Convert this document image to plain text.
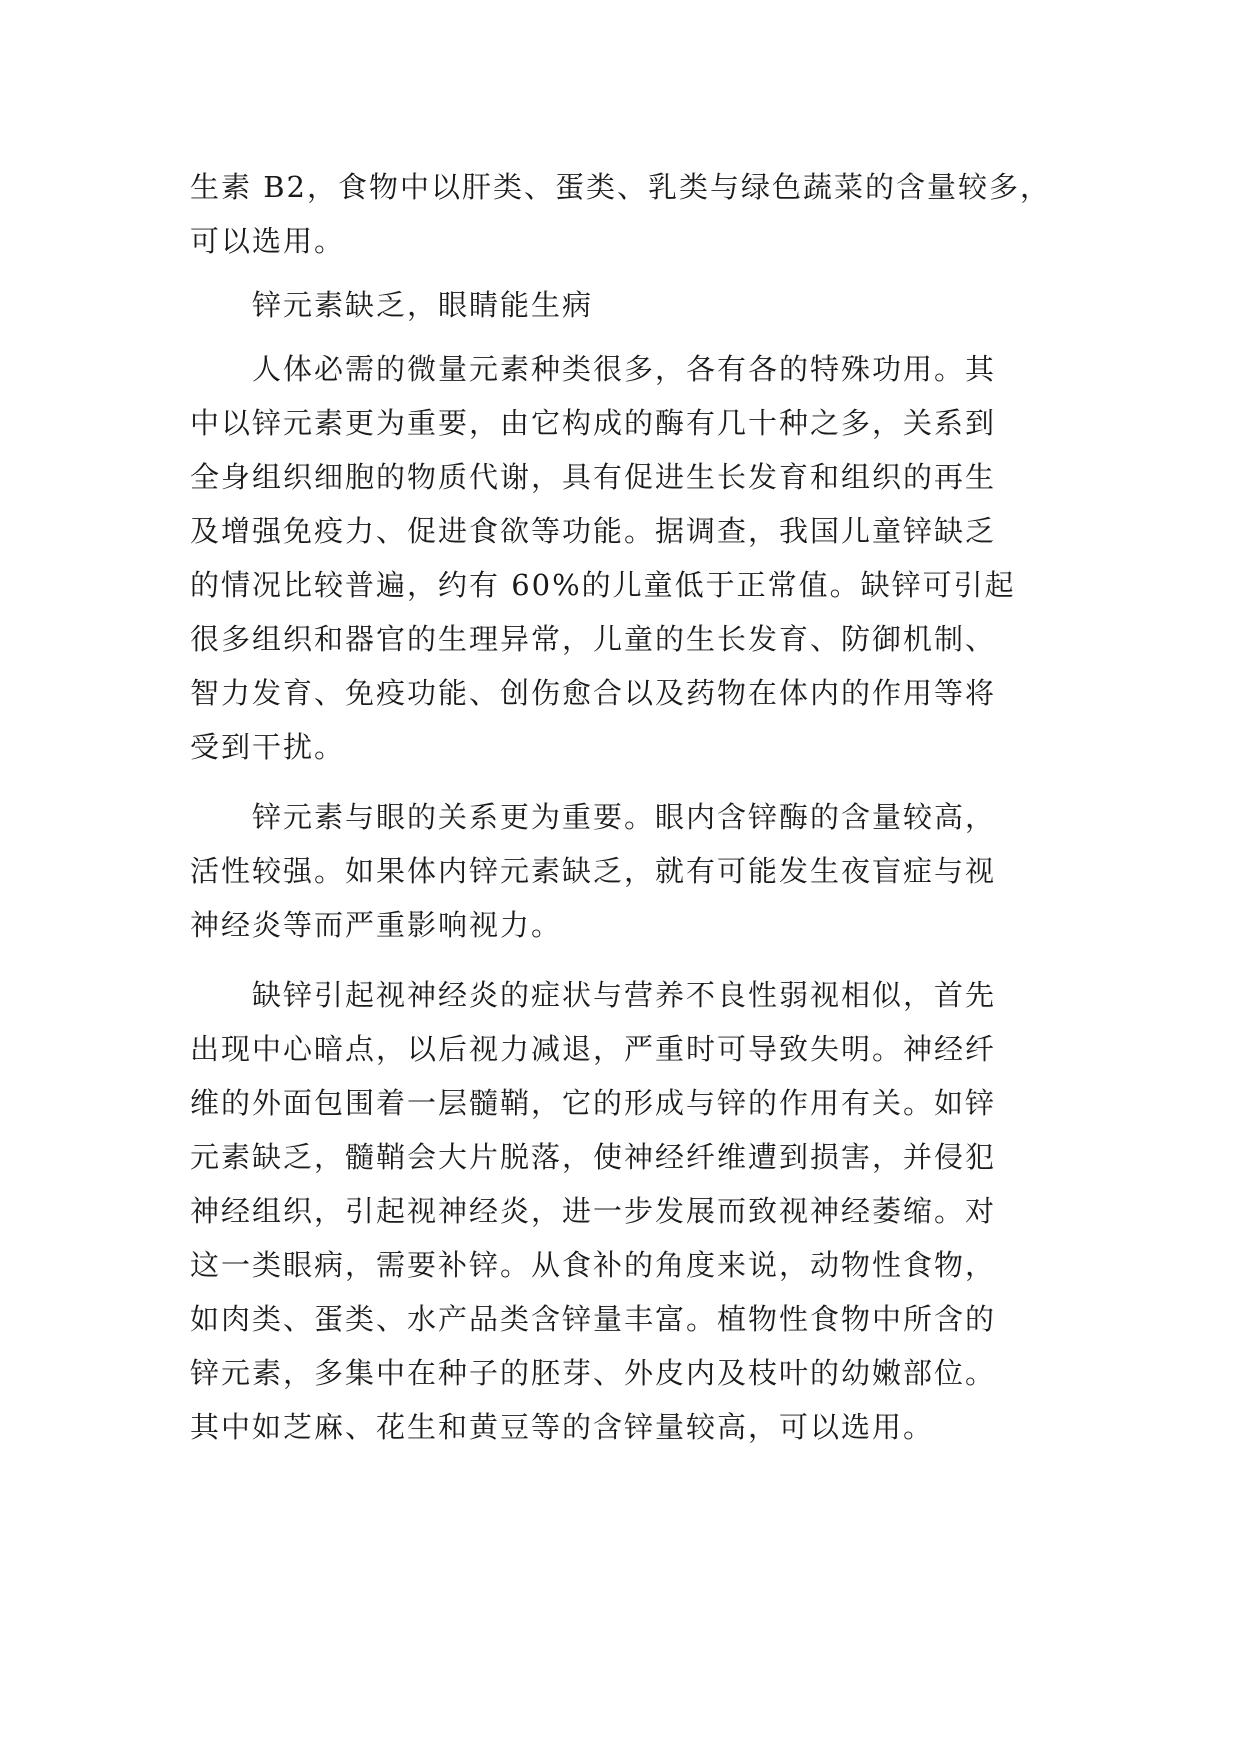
生素 B2，食物中以肝类、蛋类、乳类与绿色蔬菜的含量较多，
可以选用。
锌元素缺乏，眼睛能生病
人体必需的微量元素种类很多，各有各的特殊功用。其
中以锌元素更为重要，由它构成的酶有几十种之多，关系到
全身组织细胞的物质代谢，具有促进生长发育和组织的再生
及增强免疫力、促进食欲等功能。据调查，我国儿童锌缺乏
的情况比较普遍，约有 60%的儿童低于正常值。缺锌可引起
很多组织和器官的生理异常，儿童的生长发育、防御机制、
智力发育、免疫功能、创伤愈合以及药物在体内的作用等将
受到干扰。
锌元素与眼的关系更为重要。眼内含锌酶的含量较高，
活性较强。如果体内锌元素缺乏，就有可能发生夜盲症与视
神经炎等而严重影响视力。
缺锌引起视神经炎的症状与营养不良性弱视相似，首先
出现中心暗点，以后视力减退，严重时可导致失明。神经纤
维的外面包围着一层髓鞘，它的形成与锌的作用有关。如锌
元素缺乏，髓鞘会大片脱落，使神经纤维遭到损害，并侵犯
神经组织，引起视神经炎，进一步发展而致视神经萎缩。对
这一类眼病，需要补锌。从食补的角度来说，动物性食物，
如肉类、蛋类、水产品类含锌量丰富。植物性食物中所含的
锌元素，多集中在种子的胚芽、外皮内及枝叶的幼嫩部位。
其中如芝麻、花生和黄豆等的含锌量较高，可以选用。
